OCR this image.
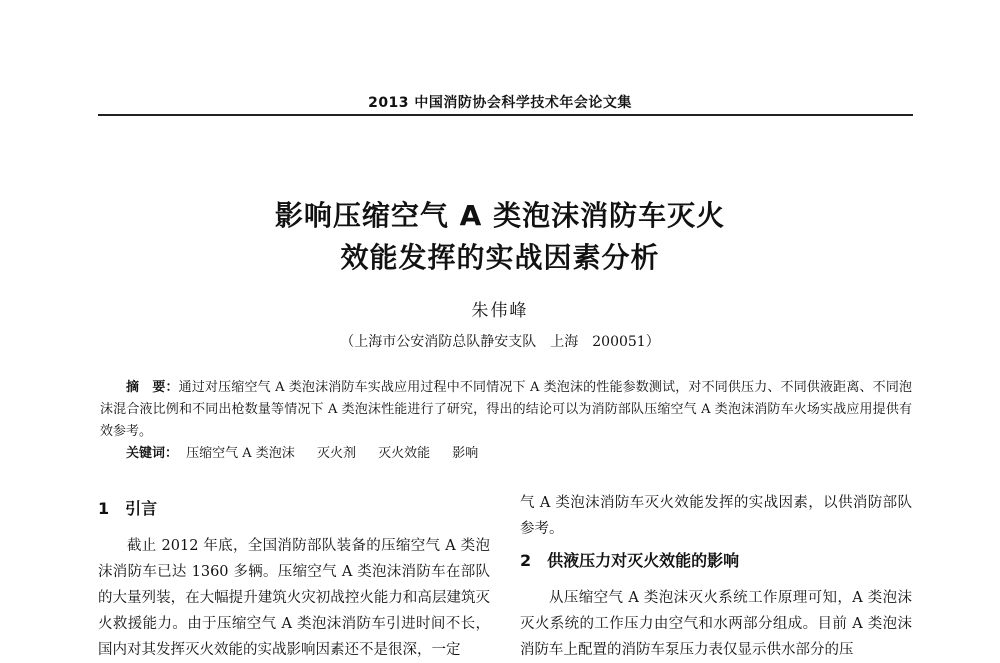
2013 中国消防协会科学技术年会论文集
影响压缩空气 A 类泡沫消防车灭火
效能发挥的实战因素分析
朱伟峰
（上海市公安消防总队静安支队　上海　200051）
摘　要：通过对压缩空气 A 类泡沫消防车实战应用过程中不同情况下 A 类泡沫的性能参数测试，对不同供压力、不同供液距离、不同泡沫混合液比例和不同出枪数量等情况下 A 类泡沫性能进行了研究，得出的结论可以为消防部队压缩空气 A 类泡沫消防车火场实战应用提供有效参考。
关键词： 压缩空气 A 类泡沫 灭火剂 灭火效能 影响
1 引言
截止 2012 年底，全国消防部队装备的压缩空气 A 类泡沫消防车已达 1360 多辆。压缩空气 A 类泡沫消防车在部队的大量列装，在大幅提升建筑火灾初战控火能力和高层建筑灭火救援能力。由于压缩空气 A 类泡沫消防车引进时间不长，国内对其发挥灭火效能的实战影响因素还不是很深，一定
气 A 类泡沫消防车灭火效能发挥的实战因素，以供消防部队参考。
2 供液压力对灭火效能的影响
从压缩空气 A 类泡沫灭火系统工作原理可知，A 类泡沫灭火系统的工作压力由空气和水两部分组成。目前 A 类泡沫消防车上配置的消防车泵压力表仅显示供水部分的压
